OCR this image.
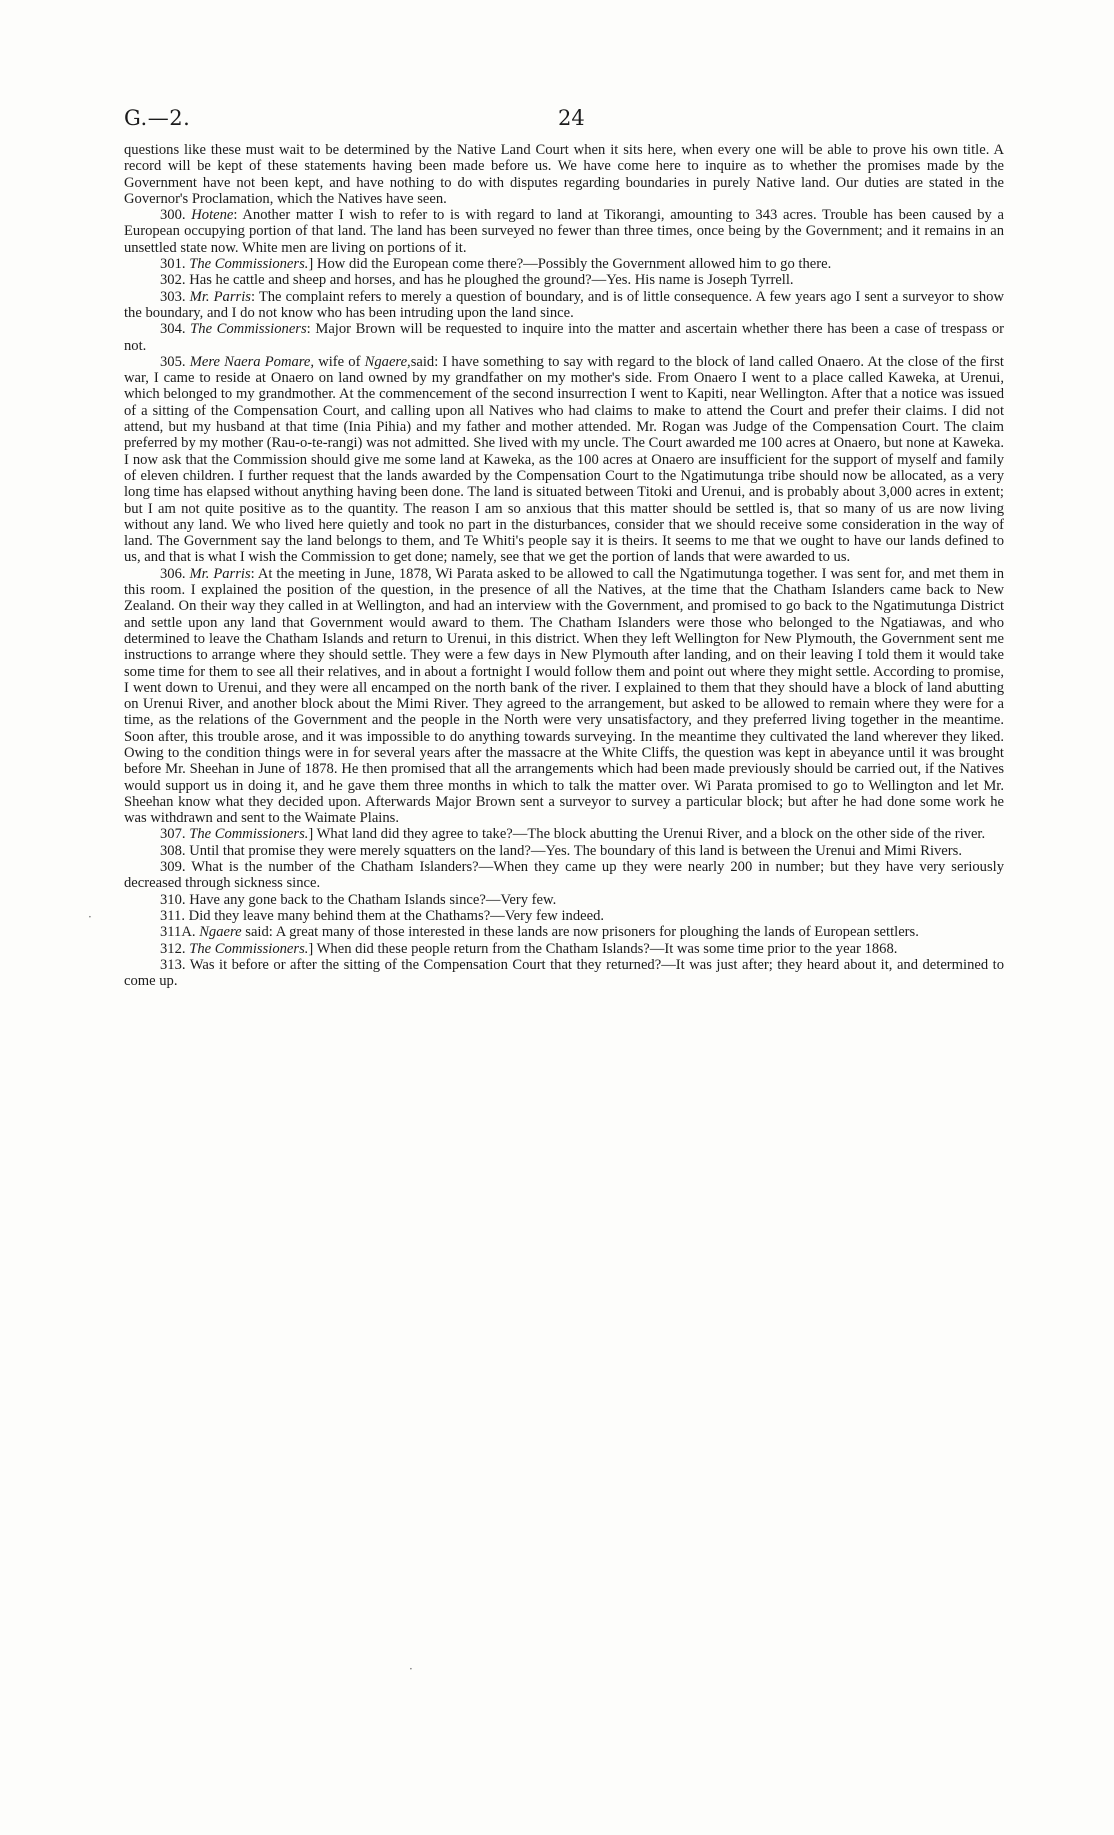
G.—2.	24

questions like these must wait to be determined by the Native Land Court when it sits here, when every one will be able to prove his own title. A record will be kept of these statements having been made before us. We have come here to inquire as to whether the promises made by the Government have not been kept, and have nothing to do with disputes regarding boundaries in purely Native land. Our duties are stated in the Governor's Proclamation, which the Natives have seen.

300. Hotene: Another matter I wish to refer to is with regard to land at Tikorangi, amounting to 343 acres. Trouble has been caused by a European occupying portion of that land. The land has been surveyed no fewer than three times, once being by the Government; and it remains in an unsettled state now. White men are living on portions of it.

301. The Commissioners.] How did the European come there?—Possibly the Government allowed him to go there.

302. Has he cattle and sheep and horses, and has he ploughed the ground?—Yes. His name is Joseph Tyrrell.

303. Mr. Parris: The complaint refers to merely a question of boundary, and is of little consequence. A few years ago I sent a surveyor to show the boundary, and I do not know who has been intruding upon the land since.

304. The Commissioners: Major Brown will be requested to inquire into the matter and ascertain whether there has been a case of trespass or not.

305. Mere Naera Pomare, wife of Ngaere,said: I have something to say with regard to the block of land called Onaero. At the close of the first war, I came to reside at Onaero on land owned by my grandfather on my mother's side. From Onaero I went to a place called Kaweka, at Urenui, which belonged to my grandmother. At the commencement of the second insurrection I went to Kapiti, near Wellington. After that a notice was issued of a sitting of the Compensation Court, and calling upon all Natives who had claims to make to attend the Court and prefer their claims. I did not attend, but my husband at that time (Inia Pihia) and my father and mother attended. Mr. Rogan was Judge of the Compensation Court. The claim preferred by my mother (Rau-o-te-rangi) was not admitted. She lived with my uncle. The Court awarded me 100 acres at Onaero, but none at Kaweka. I now ask that the Commission should give me some land at Kaweka, as the 100 acres at Onaero are insufficient for the support of myself and family of eleven children. I further request that the lands awarded by the Compensation Court to the Ngatimutunga tribe should now be allocated, as a very long time has elapsed without anything having been done. The land is situated between Titoki and Urenui, and is probably about 3,000 acres in extent; but I am not quite positive as to the quantity. The reason I am so anxious that this matter should be settled is, that so many of us are now living without any land. We who lived here quietly and took no part in the disturbances, consider that we should receive some consideration in the way of land. The Government say the land belongs to them, and Te Whiti's people say it is theirs. It seems to me that we ought to have our lands defined to us, and that is what I wish the Commission to get done; namely, see that we get the portion of lands that were awarded to us.

306. Mr. Parris: At the meeting in June, 1878, Wi Parata asked to be allowed to call the Ngatimutunga together. I was sent for, and met them in this room. I explained the position of the question, in the presence of all the Natives, at the time that the Chatham Islanders came back to New Zealand. On their way they called in at Wellington, and had an interview with the Government, and promised to go back to the Ngatimutunga District and settle upon any land that Government would award to them. The Chatham Islanders were those who belonged to the Ngatiawas, and who determined to leave the Chatham Islands and return to Urenui, in this district. When they left Wellington for New Plymouth, the Government sent me instructions to arrange where they should settle. They were a few days in New Plymouth after landing, and on their leaving I told them it would take some time for them to see all their relatives, and in about a fortnight I would follow them and point out where they might settle. According to promise, I went down to Urenui, and they were all encamped on the north bank of the river. I explained to them that they should have a block of land abutting on Urenui River, and another block about the Mimi River. They agreed to the arrangement, but asked to be allowed to remain where they were for a time, as the relations of the Government and the people in the North were very unsatisfactory, and they preferred living together in the meantime. Soon after, this trouble arose, and it was impossible to do anything towards surveying. In the meantime they cultivated the land wherever they liked. Owing to the condition things were in for several years after the massacre at the White Cliffs, the question was kept in abeyance until it was brought before Mr. Sheehan in June of 1878. He then promised that all the arrangements which had been made previously should be carried out, if the Natives would support us in doing it, and he gave them three months in which to talk the matter over. Wi Parata promised to go to Wellington and let Mr. Sheehan know what they decided upon. Afterwards Major Brown sent a surveyor to survey a particular block; but after he had done some work he was withdrawn and sent to the Waimate Plains.

307. The Commissioners.] What land did they agree to take?—The block abutting the Urenui River, and a block on the other side of the river.

308. Until that promise they were merely squatters on the land?—Yes. The boundary of this land is between the Urenui and Mimi Rivers.

309. What is the number of the Chatham Islanders?—When they came up they were nearly 200 in number; but they have very seriously decreased through sickness since.

310. Have any gone back to the Chatham Islands since?—Very few.

311. Did they leave many behind them at the Chathams?—Very few indeed.

311A. Ngaere said: A great many of those interested in these lands are now prisoners for ploughing the lands of European settlers.

312. The Commissioners.] When did these people return from the Chatham Islands?—It was some time prior to the year 1868.

313. Was it before or after the sitting of the Compensation Court that they returned?—It was just after; they heard about it, and determined to come up.

·
·
